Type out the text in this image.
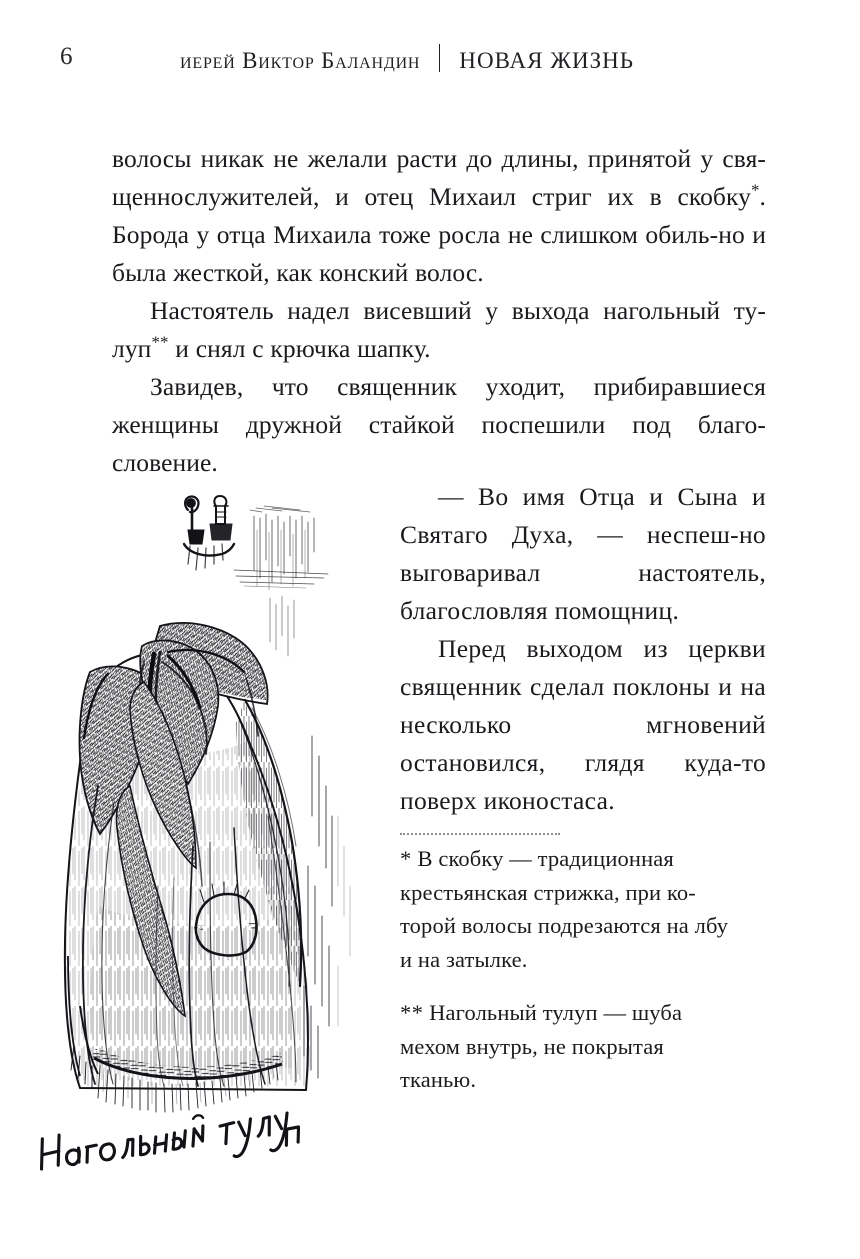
6	иерей Виктор Баландин НОВАЯ ЖИЗНЬ

волосы никак не желали расти до длины, принятой у свя-щеннослужителей, и отец Михаил стриг их в скобку*. Борода у отца Михаила тоже росла не слишком обиль-но и была жесткой, как конский волос.

Настоятель надел висевший у выхода нагольный ту-луп** и снял с крючка шапку.

Завидев, что священник уходит, прибиравшиеся женщины дружной стайкой поспешили под благо-словение.

— Во имя Отца и Сына и Святаго Духа, — неспеш-но выговаривал настоятель, благословляя помощниц.

Перед выходом из церкви священник сделал поклоны и на несколько мгновений остановился, глядя куда-то поверх иконостаса.

* В скобку — традиционная крестьянская стрижка, при ко-торой волосы подрезаются на лбу и на затылке.

** Нагольный тулуп — шуба мехом внутрь, не покрытая тканью.
